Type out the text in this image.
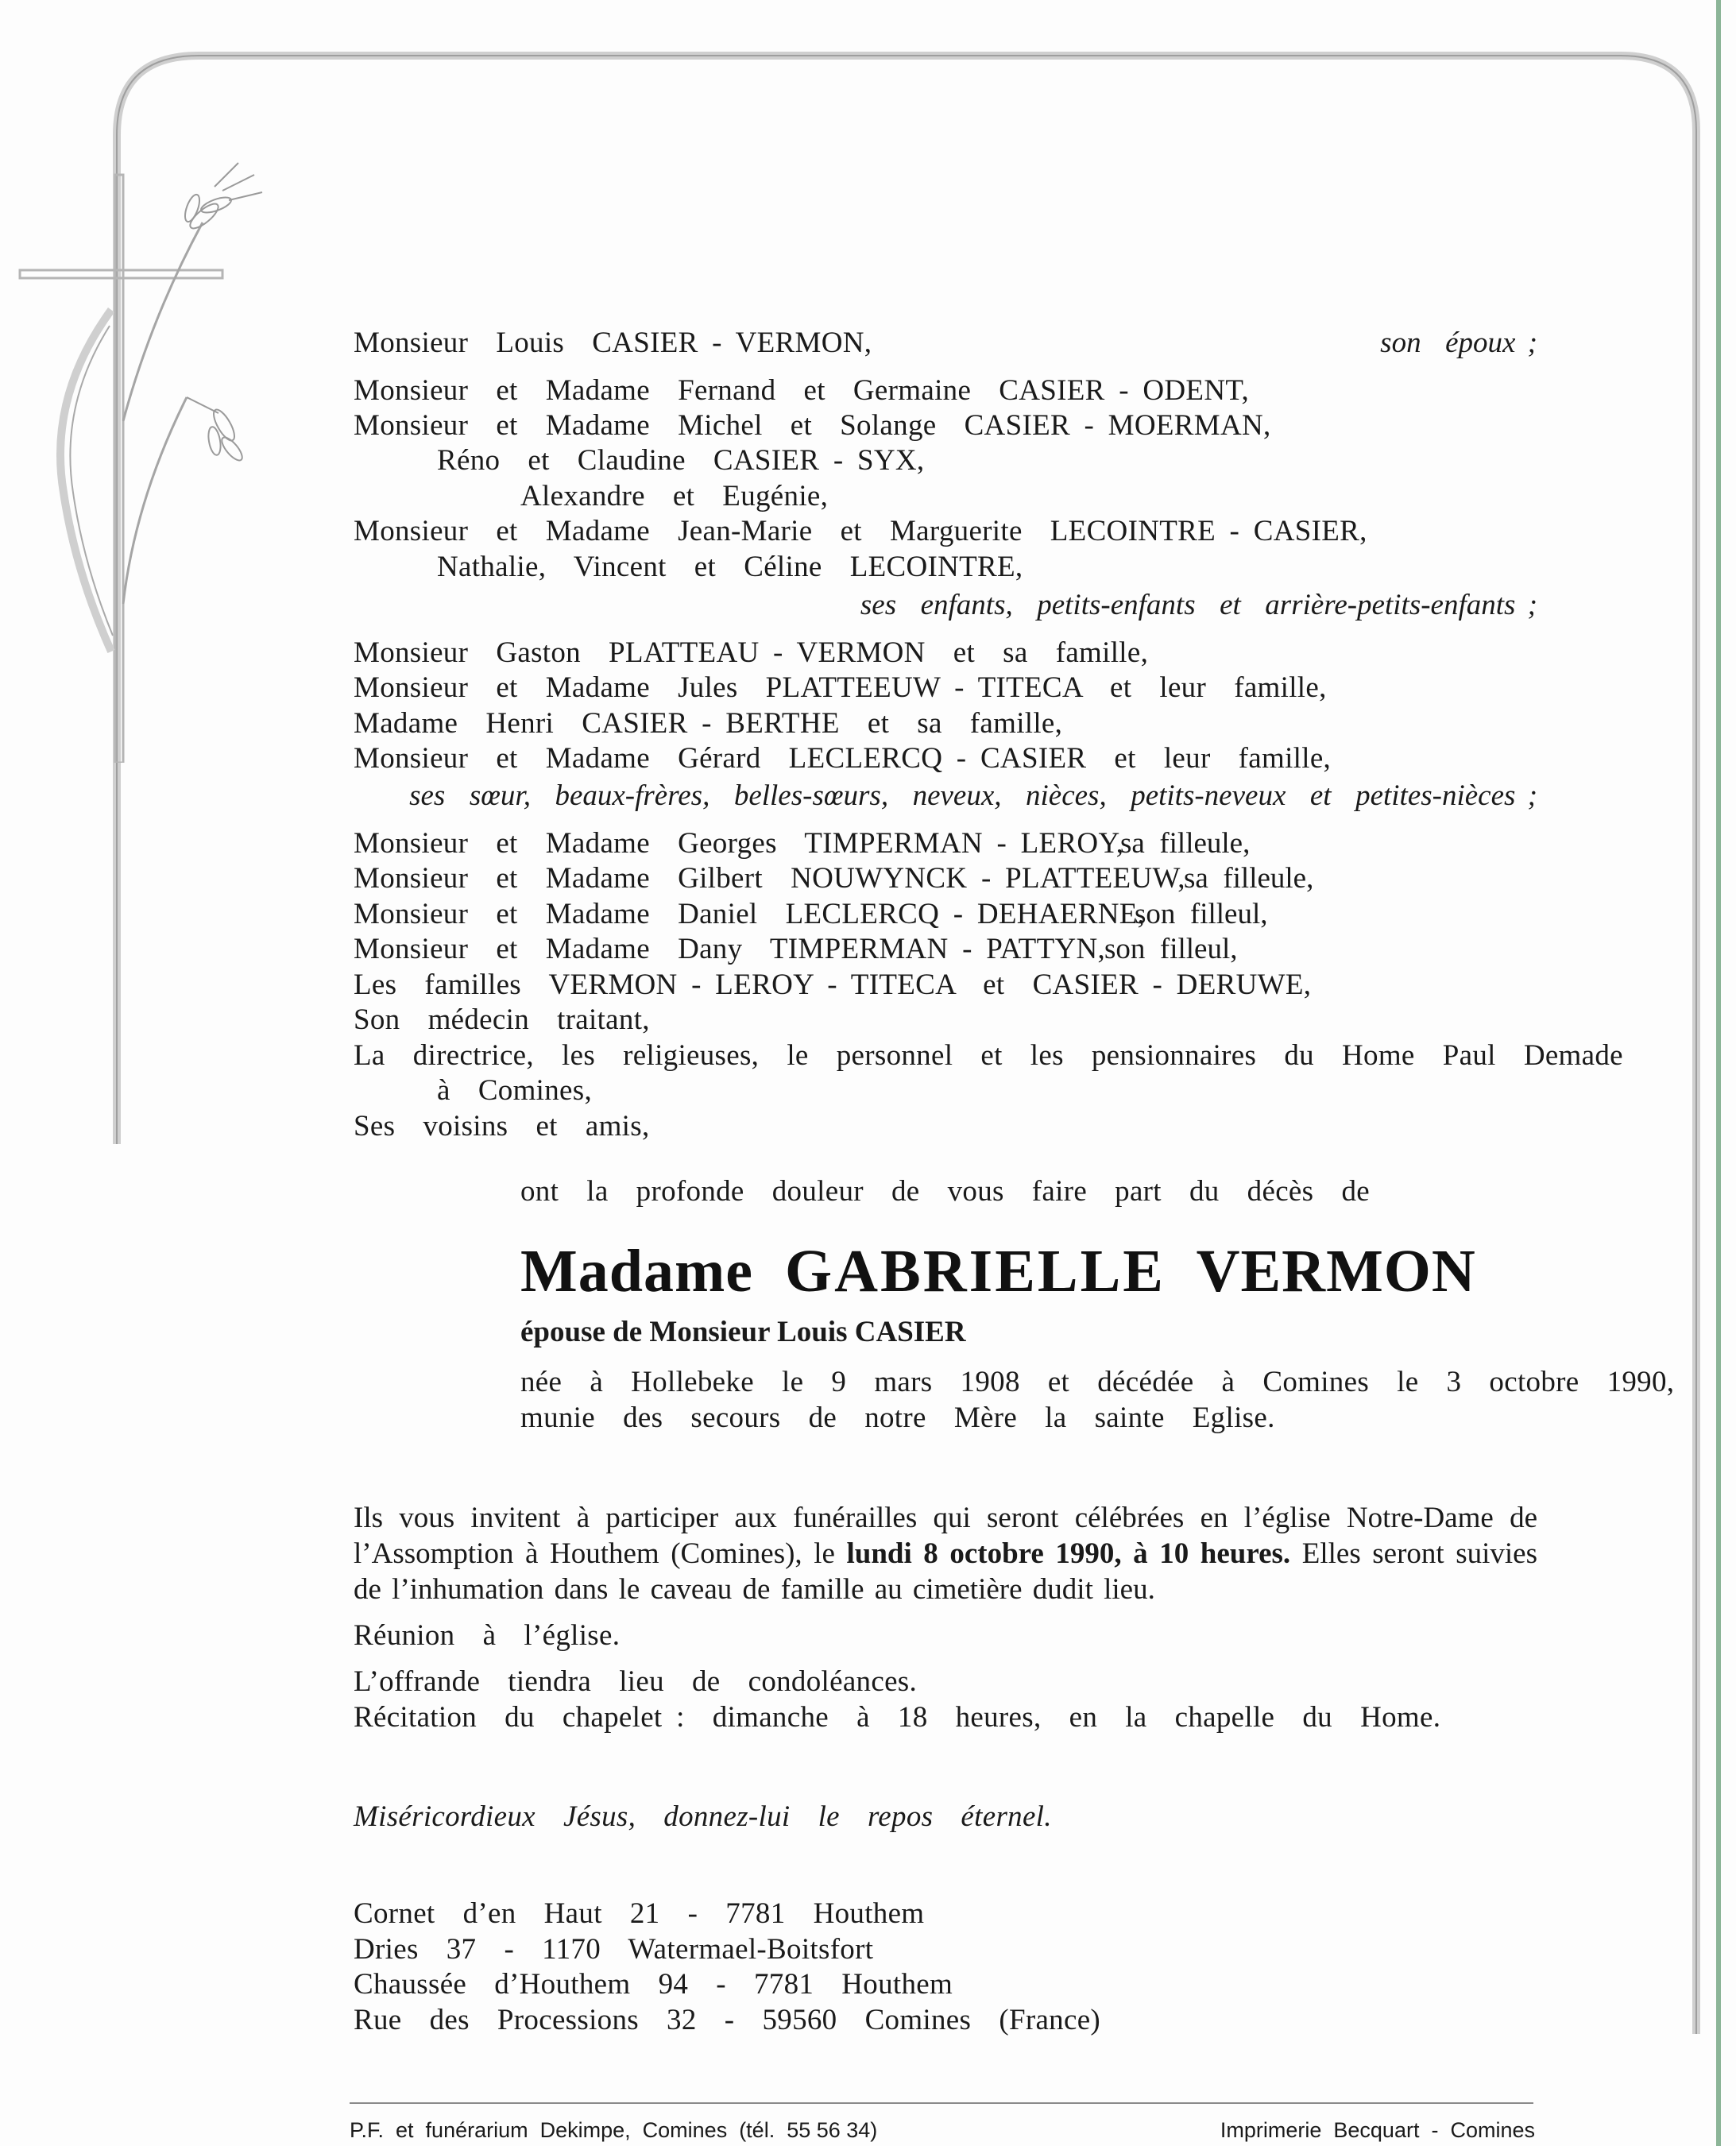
Monsieur  Louis  CASIER - VERMON,	son  époux ;
Monsieur  et  Madame  Fernand  et  Germaine  CASIER - ODENT,
Monsieur  et  Madame  Michel  et  Solange  CASIER - MOERMAN,
Réno  et  Claudine  CASIER - SYX,
Alexandre  et  Eugénie,
Monsieur  et  Madame  Jean-Marie  et  Marguerite  LECOINTRE - CASIER,
Nathalie,  Vincent  et  Céline  LECOINTRE,
ses  enfants,  petits-enfants  et  arrière-petits-enfants ;
Monsieur  Gaston  PLATTEAU - VERMON  et  sa  famille,
Monsieur  et  Madame  Jules  PLATTEEUW - TITECA  et  leur  famille,
Madame  Henri  CASIER - BERTHE  et  sa  famille,
Monsieur  et  Madame  Gérard  LECLERCQ - CASIER  et  leur  famille,
ses  sœur,  beaux-frères,  belles-sœurs,  neveux,  nièces,  petits-neveux  et  petites-nièces ;
Monsieur  et  Madame  Georges  TIMPERMAN - LEROY,
sa  filleule,
Monsieur  et  Madame  Gilbert  NOUWYNCK - PLATTEEUW,
sa  filleule,
Monsieur  et  Madame  Daniel  LECLERCQ - DEHAERNE,
son  filleul,
Monsieur  et  Madame  Dany  TIMPERMAN - PATTYN,
son  filleul,
Les  familles  VERMON - LEROY - TITECA  et  CASIER - DERUWE,
Son  médecin  traitant,
La  directrice,  les  religieuses,  le  personnel  et  les  pensionnaires  du  Home  Paul  Demade
à  Comines,
Ses  voisins  et  amis,
ont  la  profonde  douleur  de  vous  faire  part  du  décès  de
Madame GABRIELLE VERMON
épouse de Monsieur Louis CASIER
née  à  Hollebeke  le  9  mars  1908  et  décédée  à  Comines  le  3  octobre  1990,
munie  des  secours  de  notre  Mère  la  sainte  Eglise.
Ils vous invitent à participer aux funérailles qui seront célébrées en l’église Notre-Dame de l’Assomption à Houthem (Comines), le lundi 8 octobre 1990, à 10 heures. Elles seront suivies de l’inhumation dans le caveau de famille au cimetière dudit lieu.
Réunion  à  l’église.
L’offrande  tiendra  lieu  de  condoléances.
Récitation  du  chapelet :  dimanche  à  18  heures,  en  la  chapelle  du  Home.
Miséricordieux  Jésus,  donnez-lui  le  repos  éternel.
Cornet  d’en  Haut  21  -  7781  Houthem
Dries  37  -  1170  Watermael-Boitsfort
Chaussée  d’Houthem  94  -  7781  Houthem
Rue  des  Processions  32  -  59560  Comines  (France)
P.F.  et  funérarium  Dekimpe,  Comines  (tél.  55 56 34)	Imprimerie  Becquart  -  Comines
